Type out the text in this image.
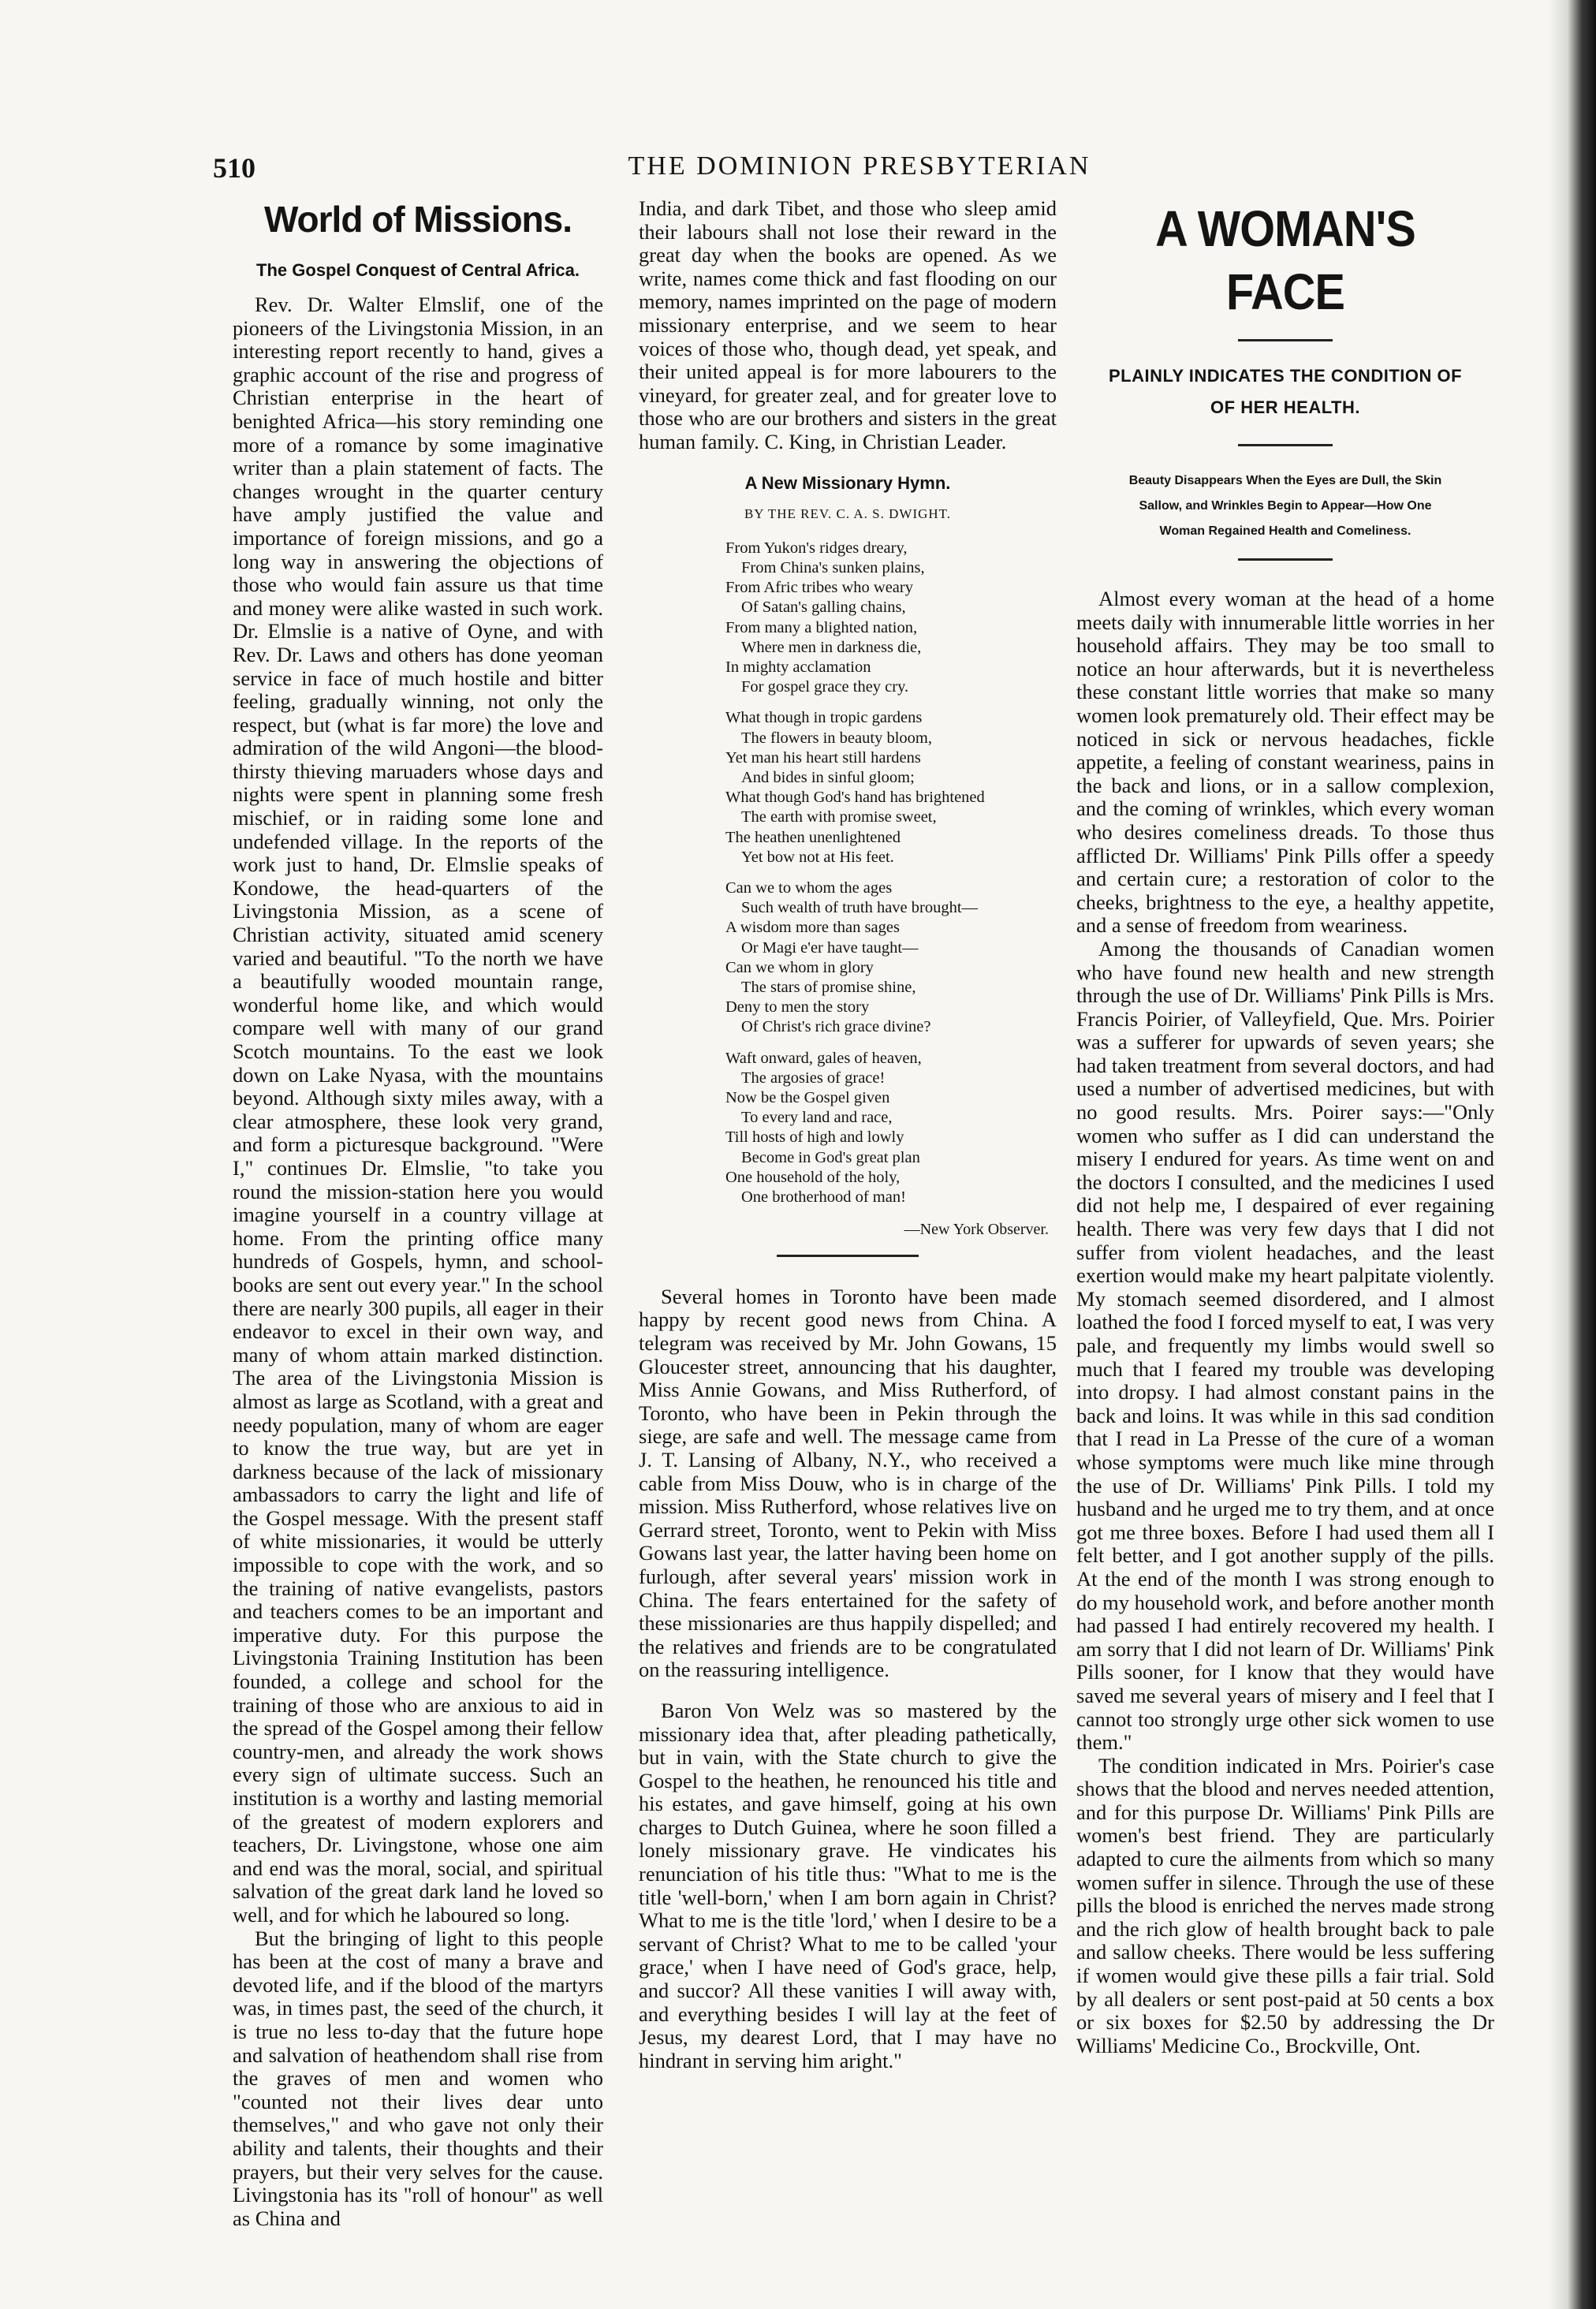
510	THE DOMINION PRESBYTERIAN
World of Missions.
The Gospel Conquest of Central Africa.

Rev. Dr. Walter Elmslif, one of the pioneers of the Livingstonia Mission, in an interesting report recently to hand, gives a graphic account of the rise and progress of Christian enterprise in the heart of benighted Africa—his story reminding one more of a romance by some imaginative writer than a plain statement of facts. The changes wrought in the quarter century have amply justified the value and importance of foreign missions, and go a long way in answering the objections of those who would fain assure us that time and money were alike wasted in such work. Dr. Elmslie is a native of Oyne, and with Rev. Dr. Laws and others has done yeoman service in face of much hostile and bitter feeling, gradually winning, not only the respect, but (what is far more) the love and admiration of the wild Angoni—the blood-thirsty thieving maruaders whose days and nights were spent in planning some fresh mischief, or in raiding some lone and undefended village. In the reports of the work just to hand, Dr. Elmslie speaks of Kondowe, the head-quarters of the Livingstonia Mission, as a scene of Christian activity, situated amid scenery varied and beautiful. "To the north we have a beautifully wooded mountain range, wonderful home like, and which would compare well with many of our grand Scotch mountains. To the east we look down on Lake Nyasa, with the mountains beyond. Although sixty miles away, with a clear atmosphere, these look very grand, and form a picturesque background. "Were I," continues Dr. Elmslie, "to take you round the mission-station here you would imagine yourself in a country village at home. From the printing office many hundreds of Gospels, hymn, and school-books are sent out every year." In the school there are nearly 300 pupils, all eager in their endeavor to excel in their own way, and many of whom attain marked distinction. The area of the Livingstonia Mission is almost as large as Scotland, with a great and needy population, many of whom are eager to know the true way, but are yet in darkness because of the lack of missionary ambassadors to carry the light and life of the Gospel message. With the present staff of white missionaries, it would be utterly impossible to cope with the work, and so the training of native evangelists, pastors and teachers comes to be an important and imperative duty. For this purpose the Livingstonia Training Institution has been founded, a college and school for the training of those who are anxious to aid in the spread of the Gospel among their fellow country-men, and already the work shows every sign of ultimate success. Such an institution is a worthy and lasting memorial of the greatest of modern explorers and teachers, Dr. Livingstone, whose one aim and end was the moral, social, and spiritual salvation of the great dark land he loved so well, and for which he laboured so long.

But the bringing of light to this people has been at the cost of many a brave and devoted life, and if the blood of the martyrs was, in times past, the seed of the church, it is true no less to-day that the future hope and salvation of heathendom shall rise from the graves of men and women who "counted not their lives dear unto themselves," and who gave not only their ability and talents, their thoughts and their prayers, but their very selves for the cause. Livingstonia has its "roll of honour" as well as China and

India, and dark Tibet, and those who sleep amid their labours shall not lose their reward in the great day when the books are opened. As we write, names come thick and fast flooding on our memory, names imprinted on the page of modern missionary enterprise, and we seem to hear voices of those who, though dead, yet speak, and their united appeal is for more labourers to the vineyard, for greater zeal, and for greater love to those who are our brothers and sisters in the great human family. C. King, in Christian Leader.

A New Missionary Hymn.
BY THE REV. C. A. S. DWIGHT.
From Yukon's ridges dreary,
From China's sunken plains,
From Afric tribes who weary
Of Satan's galling chains,
From many a blighted nation,
Where men in darkness die,
In mighty acclamation
For gospel grace they cry.
What though in tropic gardens
The flowers in beauty bloom,
Yet man his heart still hardens
And bides in sinful gloom;
What though God's hand has brightened
The earth with promise sweet,
The heathen unenlightened
Yet bow not at His feet.
Can we to whom the ages
Such wealth of truth have brought—
A wisdom more than sages
Or Magi e'er have taught—
Can we whom in glory
The stars of promise shine,
Deny to men the story
Of Christ's rich grace divine?
Waft onward, gales of heaven,
The argosies of grace!
Now be the Gospel given
To every land and race,
Till hosts of high and lowly
Become in God's great plan
One household of the holy,
One brotherhood of man!
—New York Observer.

Several homes in Toronto have been made happy by recent good news from China. A telegram was received by Mr. John Gowans, 15 Gloucester street, announcing that his daughter, Miss Annie Gowans, and Miss Rutherford, of Toronto, who have been in Pekin through the siege, are safe and well. The message came from J. T. Lansing of Albany, N.Y., who received a cable from Miss Douw, who is in charge of the mission. Miss Rutherford, whose relatives live on Gerrard street, Toronto, went to Pekin with Miss Gowans last year, the latter having been home on furlough, after several years' mission work in China. The fears entertained for the safety of these missionaries are thus happily dispelled; and the relatives and friends are to be congratulated on the reassuring intelligence.

Baron Von Welz was so mastered by the missionary idea that, after pleading pathetically, but in vain, with the State church to give the Gospel to the heathen, he renounced his title and his estates, and gave himself, going at his own charges to Dutch Guinea, where he soon filled a lonely missionary grave. He vindicates his renunciation of his title thus: "What to me is the title 'well-born,' when I am born again in Christ? What to me is the title 'lord,' when I desire to be a servant of Christ? What to me to be called 'your grace,' when I have need of God's grace, help, and succor? All these vanities I will away with, and everything besides I will lay at the feet of Jesus, my dearest Lord, that I may have no hindrant in serving him aright."

A WOMAN'S FACE
PLAINLY INDICATES THE CONDITION OF
OF HER HEALTH.
Beauty Disappears When the Eyes are Dull, the Skin
Sallow, and Wrinkles Begin to Appear—How One
Woman Regained Health and Comeliness.

Almost every woman at the head of a home meets daily with innumerable little worries in her household affairs. They may be too small to notice an hour afterwards, but it is nevertheless these constant little worries that make so many women look prematurely old. Their effect may be noticed in sick or nervous headaches, fickle appetite, a feeling of constant weariness, pains in the back and lions, or in a sallow complexion, and the coming of wrinkles, which every woman who desires comeliness dreads. To those thus afflicted Dr. Williams' Pink Pills offer a speedy and certain cure; a restoration of color to the cheeks, brightness to the eye, a healthy appetite, and a sense of freedom from weariness.

Among the thousands of Canadian women who have found new health and new strength through the use of Dr. Williams' Pink Pills is Mrs. Francis Poirier, of Valleyfield, Que. Mrs. Poirier was a sufferer for upwards of seven years; she had taken treatment from several doctors, and had used a number of advertised medicines, but with no good results. Mrs. Poirer says:—"Only women who suffer as I did can understand the misery I endured for years. As time went on and the doctors I consulted, and the medicines I used did not help me, I despaired of ever regaining health. There was very few days that I did not suffer from violent headaches, and the least exertion would make my heart palpitate violently. My stomach seemed disordered, and I almost loathed the food I forced myself to eat, I was very pale, and frequently my limbs would swell so much that I feared my trouble was developing into dropsy. I had almost constant pains in the back and loins. It was while in this sad condition that I read in La Presse of the cure of a woman whose symptoms were much like mine through the use of Dr. Williams' Pink Pills. I told my husband and he urged me to try them, and at once got me three boxes. Before I had used them all I felt better, and I got another supply of the pills. At the end of the month I was strong enough to do my household work, and before another month had passed I had entirely recovered my health. I am sorry that I did not learn of Dr. Williams' Pink Pills sooner, for I know that they would have saved me several years of misery and I feel that I cannot too strongly urge other sick women to use them."

The condition indicated in Mrs. Poirier's case shows that the blood and nerves needed attention, and for this purpose Dr. Williams' Pink Pills are women's best friend. They are particularly adapted to cure the ailments from which so many women suffer in silence. Through the use of these pills the blood is enriched the nerves made strong and the rich glow of health brought back to pale and sallow cheeks. There would be less suffering if women would give these pills a fair trial. Sold by all dealers or sent post-paid at 50 cents a box or six boxes for $2.50 by addressing the Dr Williams' Medicine Co., Brockville, Ont.
